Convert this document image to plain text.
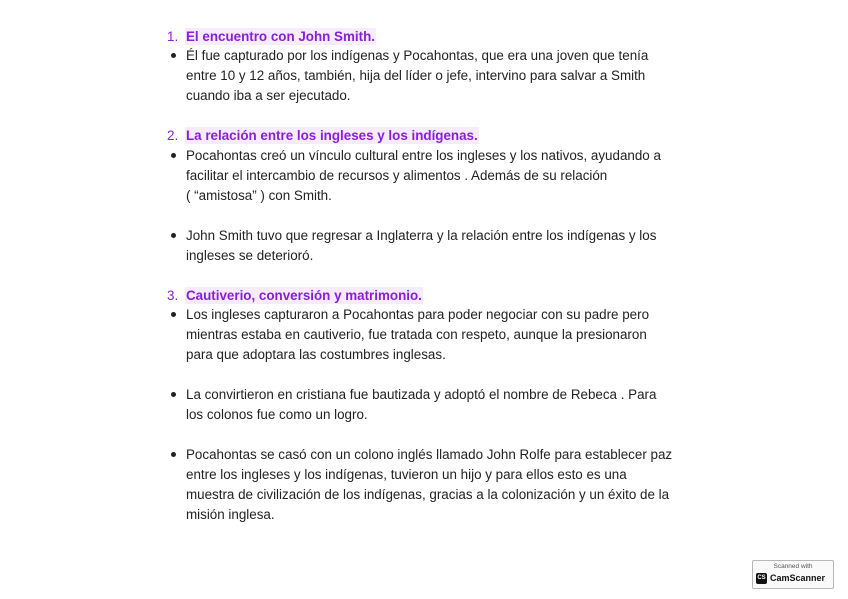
1. El encuentro con John Smith.
Él fue capturado por los indígenas y Pocahontas, que era una joven que tenía
entre 10 y 12 años, también, hija del líder o jefe, intervino para salvar a Smith
cuando iba a ser ejecutado.
2. La relación entre los ingleses y los indígenas.
Pocahontas creó un vínculo cultural entre los ingleses y los nativos, ayudando a
facilitar el intercambio de recursos y alimentos . Además de su relación
( “amistosa” ) con Smith.
John Smith tuvo que regresar a Inglaterra y la relación entre los indígenas y los
ingleses se deterioró.
3. Cautiverio, conversión y matrimonio.
Los ingleses capturaron a Pocahontas para poder negociar con su padre pero
mientras estaba en cautiverio, fue tratada con respeto, aunque la presionaron
para que adoptara las costumbres inglesas.
La convirtieron en cristiana fue bautizada y adoptó el nombre de Rebeca . Para
los colonos fue como un logro.
Pocahontas se casó con un colono inglés llamado John Rolfe para establecer paz
entre los ingleses y los indígenas, tuvieron un hijo y para ellos esto es una
muestra de civilización de los indígenas, gracias a la colonización y un éxito de la
misión inglesa.
Scanned with
CS CamScanner
